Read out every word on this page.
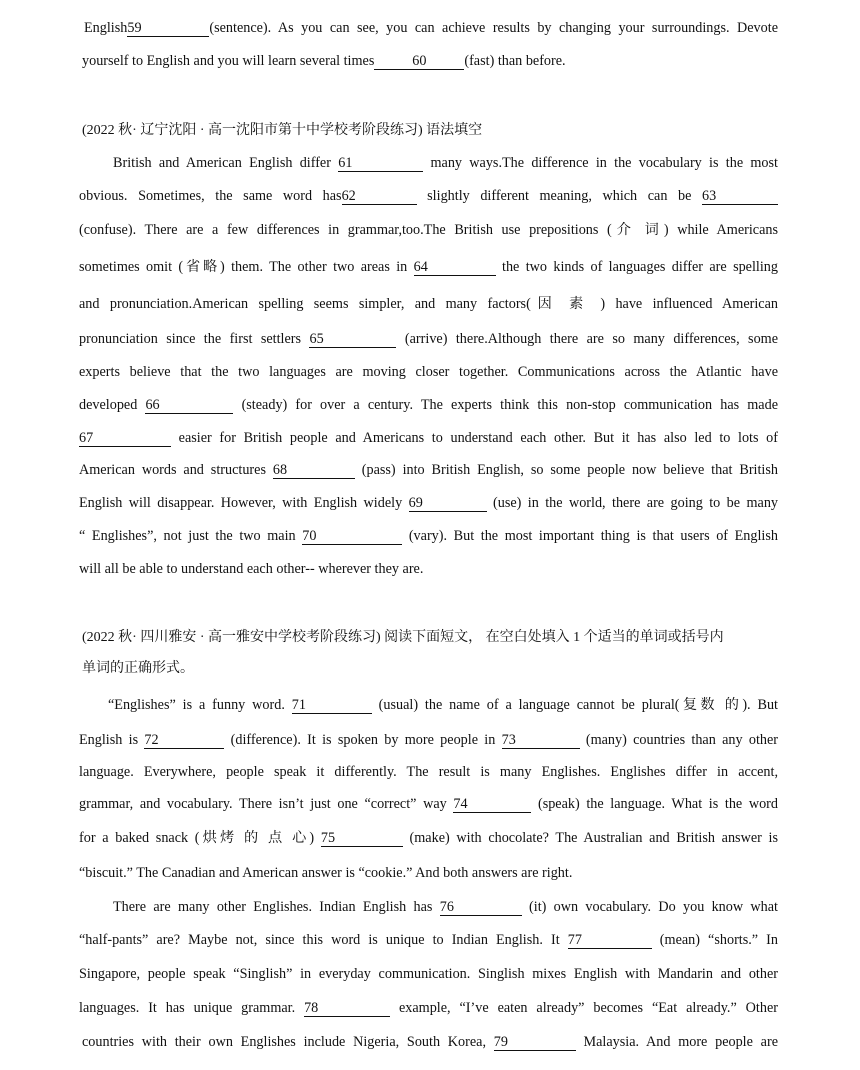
English59	(sentence). As you can see, you can achieve results by changing your surroundings. Devote
yourself to English and you will learn several times	60	(fast) than before.
(2022 秋· 辽宁沈阳 · 高一沈阳市第十中学校考阶段练习) 语法填空
British and American English differ 61	many ways.The difference in the vocabulary is the most
obvious. Sometimes, the same word has62	slightly different meaning, which can be 63
(confuse). There are a few differences in grammar,too.The British use prepositions (介 词) while Americans
sometimes omit (省略) them. The other two areas in 64	the two kinds of languages differ are spelling
and pronunciation.American spelling seems simpler, and many factors(因 素 ) have influenced American
pronunciation since the first settlers 65	(arrive) there.Although there are so many differences, some
experts believe that the two languages are moving closer together. Communications across the Atlantic have
developed 66	(steady) for over a century. The experts think this non-stop communication has made
67	easier for British people and Americans to understand each other. But it has also led to lots of
American words and structures 68	(pass) into British English, so some people now believe that British
English will disappear. However, with English widely 69	(use) in the world, there are going to be many
“ Englishes”, not just the two main 70	(vary). But the most important thing is that users of English
will all be able to understand each other-- wherever they are.
(2022 秋· 四川雅安 · 高一雅安中学校考阶段练习) 阅读下面短文， 在空白处填入 1 个适当的单词或括号内
单词的正确形式。
“Englishes” is a funny word. 71	(usual) the name of a language cannot be plural(复数 的). But
English is 72	(difference). It is spoken by more people in 73	(many) countries than any other
language. Everywhere, people speak it differently. The result is many Englishes. Englishes differ in accent,
grammar, and vocabulary. There isn’t just one “correct” way 74	(speak) the language. What is the word
for a baked snack (烘烤 的 点 心) 75	(make) with chocolate? The Australian and British answer is
“biscuit.” The Canadian and American answer is “cookie.” And both answers are right.
There are many other Englishes. Indian English has 76	(it) own vocabulary. Do you know what
“half-pants” are? Maybe not, since this word is unique to Indian English. It 77	(mean) “shorts.” In
Singapore, people speak “Singlish” in everyday communication. Singlish mixes English with Mandarin and other
languages. It has unique grammar. 78	example, “I’ve eaten already” becomes “Eat already.” Other
countries with their own Englishes include Nigeria, South Korea, 79	Malaysia. And more people are
